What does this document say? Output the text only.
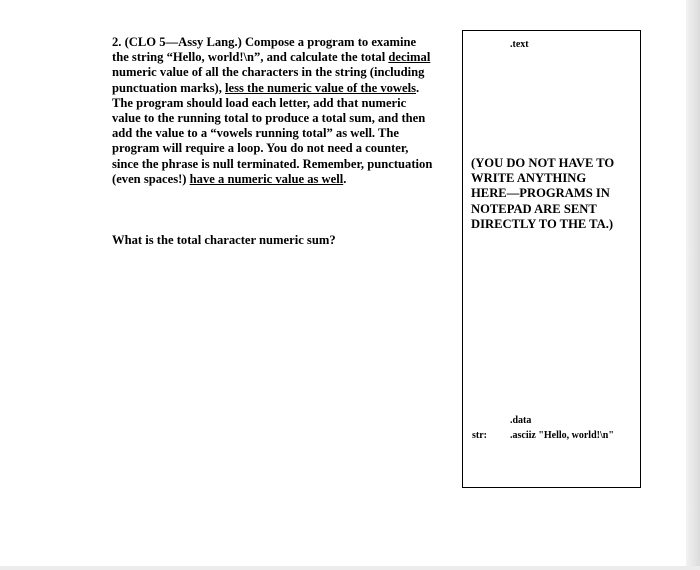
2. (CLO 5—Assy Lang.) Compose a program to examine
the string “Hello, world!\n”, and calculate the total decimal
numeric value of all the characters in the string (including
punctuation marks), less the numeric value of the vowels.
The program should load each letter, add that numeric
value to the running total to produce a total sum, and then
add the value to a “vowels running total” as well. The
program will require a loop. You do not need a counter,
since the phrase is null terminated. Remember, punctuation
(even spaces!) have a numeric value as well.
What is the total character numeric sum?
.text
(YOU DO NOT HAVE TO
WRITE ANYTHING
HERE—PROGRAMS IN
NOTEPAD ARE SENT
DIRECTLY TO THE TA.)
.data
str: .asciiz "Hello, world!\n"
